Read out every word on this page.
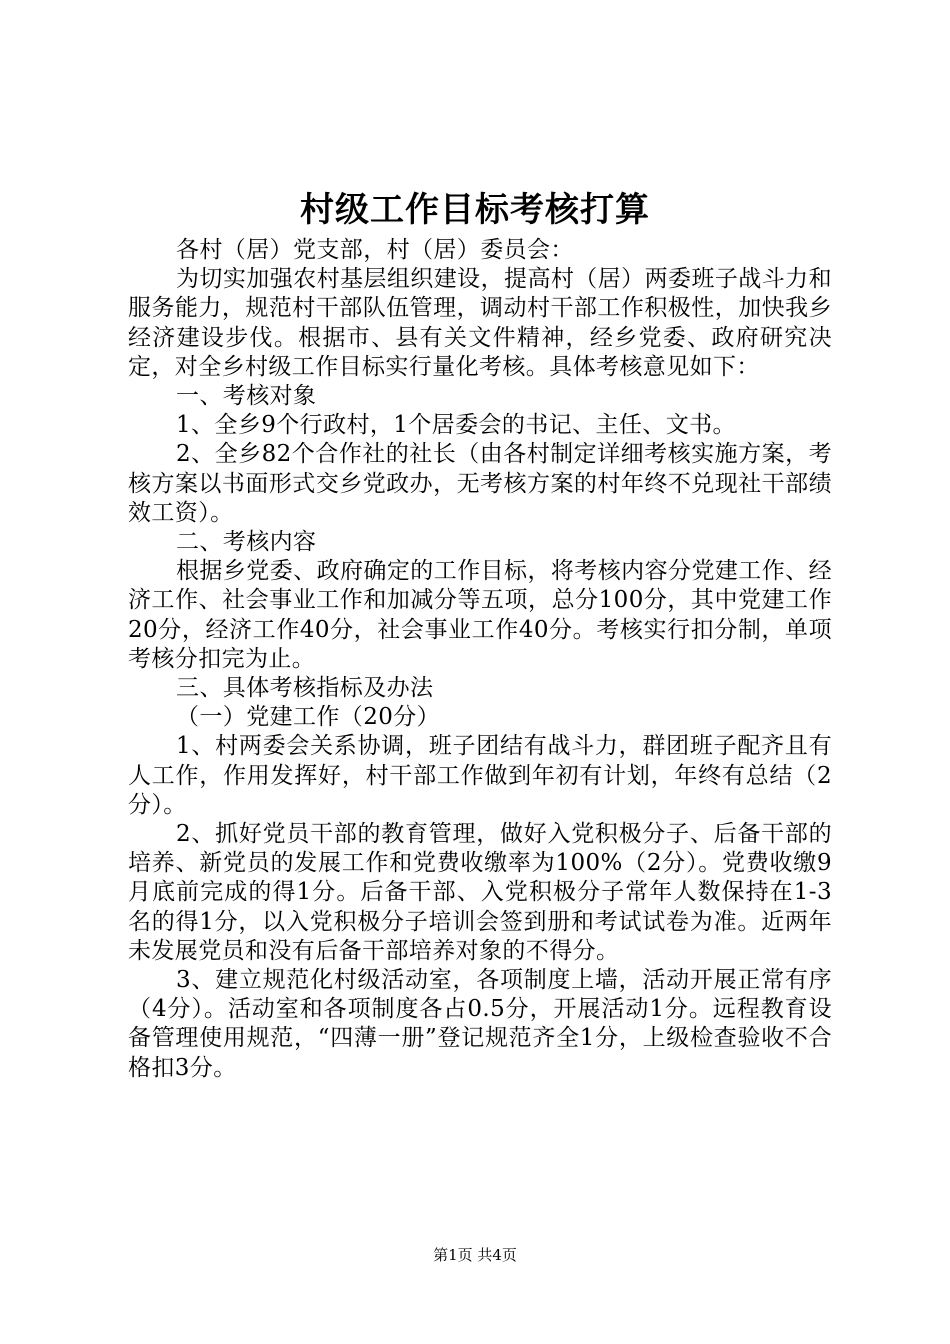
村级工作目标考核打算

各村（居）党支部，村（居）委员会：

为切实加强农村基层组织建设，提高村（居）两委班子战斗力和服务能力，规范村干部队伍管理，调动村干部工作积极性，加快我乡经济建设步伐。根据市、县有关文件精神，经乡党委、政府研究决定，对全乡村级工作目标实行量化考核。具体考核意见如下：

一、考核对象

1、全乡9个行政村，1个居委会的书记、主任、文书。

2、全乡82个合作社的社长（由各村制定详细考核实施方案，考核方案以书面形式交乡党政办，无考核方案的村年终不兑现社干部绩效工资）。

二、考核内容

根据乡党委、政府确定的工作目标，将考核内容分党建工作、经济工作、社会事业工作和加减分等五项，总分100分，其中党建工作20分，经济工作40分，社会事业工作40分。考核实行扣分制，单项考核分扣完为止。

三、具体考核指标及办法

（一）党建工作（20分）

1、村两委会关系协调，班子团结有战斗力，群团班子配齐且有人工作，作用发挥好，村干部工作做到年初有计划，年终有总结（2分）。

2、抓好党员干部的教育管理，做好入党积极分子、后备干部的培养、新党员的发展工作和党费收缴率为100%（2分）。党费收缴9月底前完成的得1分。后备干部、入党积极分子常年人数保持在1-3名的得1分，以入党积极分子培训会签到册和考试试卷为准。近两年未发展党员和没有后备干部培养对象的不得分。

3、建立规范化村级活动室，各项制度上墙，活动开展正常有序（4分）。活动室和各项制度各占0.5分，开展活动1分。远程教育设备管理使用规范，“四薄一册”登记规范齐全1分，上级检查验收不合格扣3分。

第1页 共4页
